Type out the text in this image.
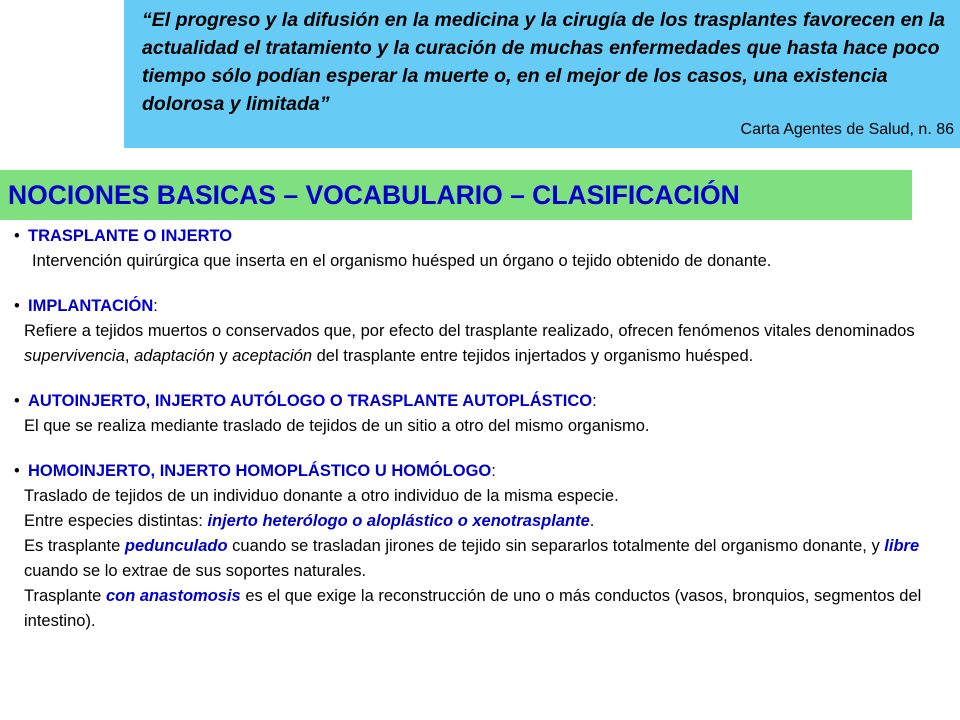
“El progreso y la difusión en la medicina y la cirugía de los trasplantes favorecen en la actualidad el tratamiento y la curación de muchas enfermedades que hasta hace poco tiempo sólo podían esperar la muerte o, en el mejor de los casos, una existencia dolorosa y limitada”
Carta Agentes de Salud, n. 86
NOCIONES BASICAS – VOCABULARIO – CLASIFICACIÓN
• TRASPLANTE O INJERTO
Intervención quirúrgica que inserta en el organismo huésped un órgano o tejido obtenido de donante.
• IMPLANTACIÓN:
Refiere a tejidos muertos o conservados que, por efecto del trasplante realizado, ofrecen fenómenos vitales denominados supervivencia, adaptación y aceptación del trasplante entre tejidos injertados y organismo huésped.
• AUTOINJERTO, INJERTO AUTÓLOGO O TRASPLANTE AUTOPLÁSTICO:
El que se realiza mediante traslado de tejidos de un sitio a otro del mismo organismo.
• HOMOINJERTO, INJERTO HOMOPLÁSTICO U HOMÓLOGO:
Traslado de tejidos de un individuo donante a otro individuo de la misma especie.
Entre especies distintas: injerto heterólogo o aloplástico o xenotrasplante.
Es trasplante pedunculado cuando se trasladan jirones de tejido sin separarlos totalmente del organismo donante, y libre cuando se lo extrae de sus soportes naturales.
Trasplante con anastomosis es el que exige la reconstrucción de uno o más conductos (vasos, bronquios, segmentos del intestino).
